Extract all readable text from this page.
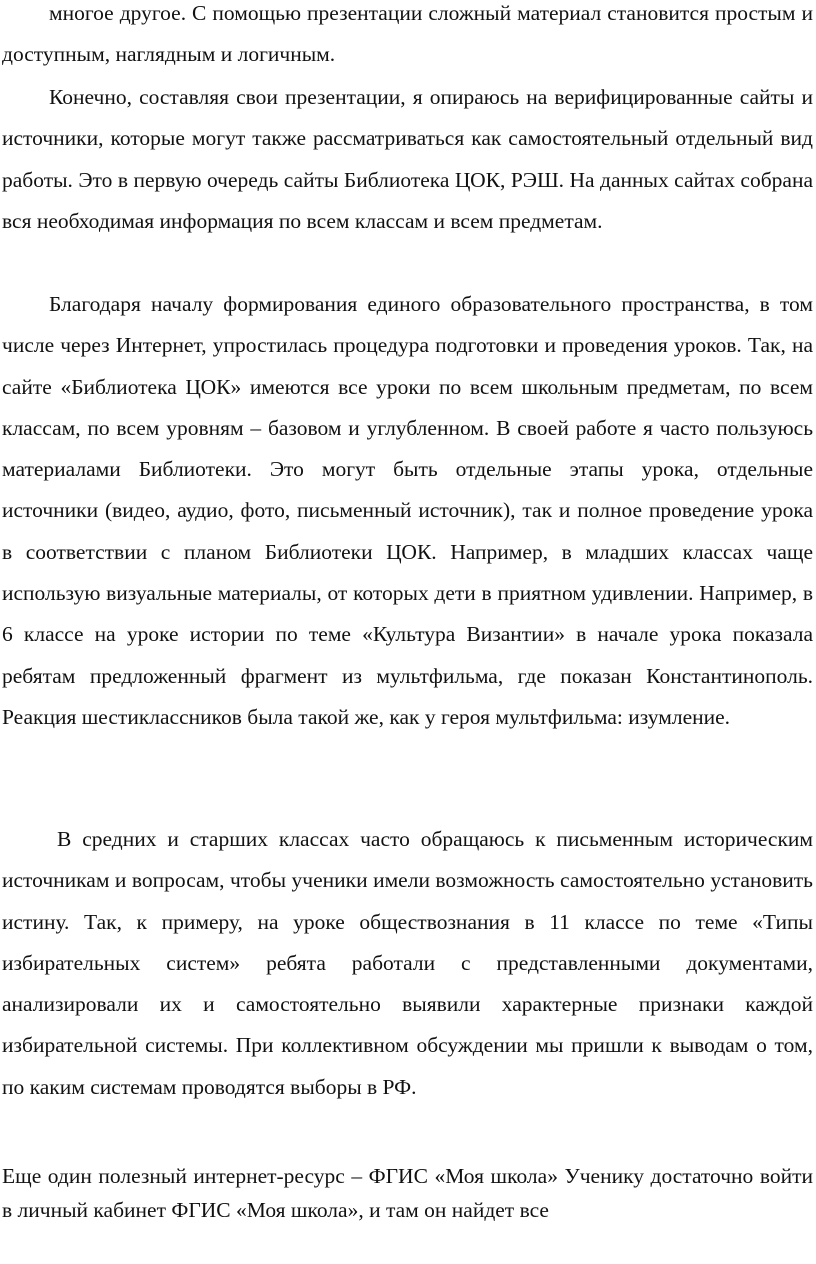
многое другое. С помощью презентации сложный материал становится простым и доступным, наглядным и логичным.

Конечно, составляя свои презентации, я опираюсь на верифицированные сайты и источники, которые могут также рассматриваться как самостоятельный отдельный вид работы. Это в первую очередь сайты Библиотека ЦОК, РЭШ. На данных сайтах собрана вся необходимая информация по всем классам и всем предметам.

Благодаря началу формирования единого образовательного пространства, в том числе через Интернет, упростилась процедура подготовки и проведения уроков. Так, на сайте «Библиотека ЦОК» имеются все уроки по всем школьным предметам, по всем классам, по всем уровням – базовом и углубленном. В своей работе я часто пользуюсь материалами Библиотеки. Это могут быть отдельные этапы урока, отдельные источники (видео, аудио, фото, письменный источник), так и полное проведение урока в соответствии с планом Библиотеки ЦОК. Например, в младших классах чаще использую визуальные материалы, от которых дети в приятном удивлении. Например, в 6 классе на уроке истории по теме «Культура Византии» в начале урока показала ребятам предложенный фрагмент из мультфильма, где показан Константинополь. Реакция шестиклассников была такой же, как у героя мультфильма: изумление.

В средних и старших классах часто обращаюсь к письменным историческим источникам и вопросам, чтобы ученики имели возможность самостоятельно установить истину. Так, к примеру, на уроке обществознания в 11 классе по теме «Типы избирательных систем» ребята работали с представленными документами, анализировали их и самостоятельно выявили характерные признаки каждой избирательной системы. При коллективном обсуждении мы пришли к выводам о том, по каким системам проводятся выборы в РФ.

Еще один полезный интернет-ресурс – ФГИС «Моя школа» Ученику достаточно войти в личный кабинет ФГИС «Моя школа», и там он найдет все
